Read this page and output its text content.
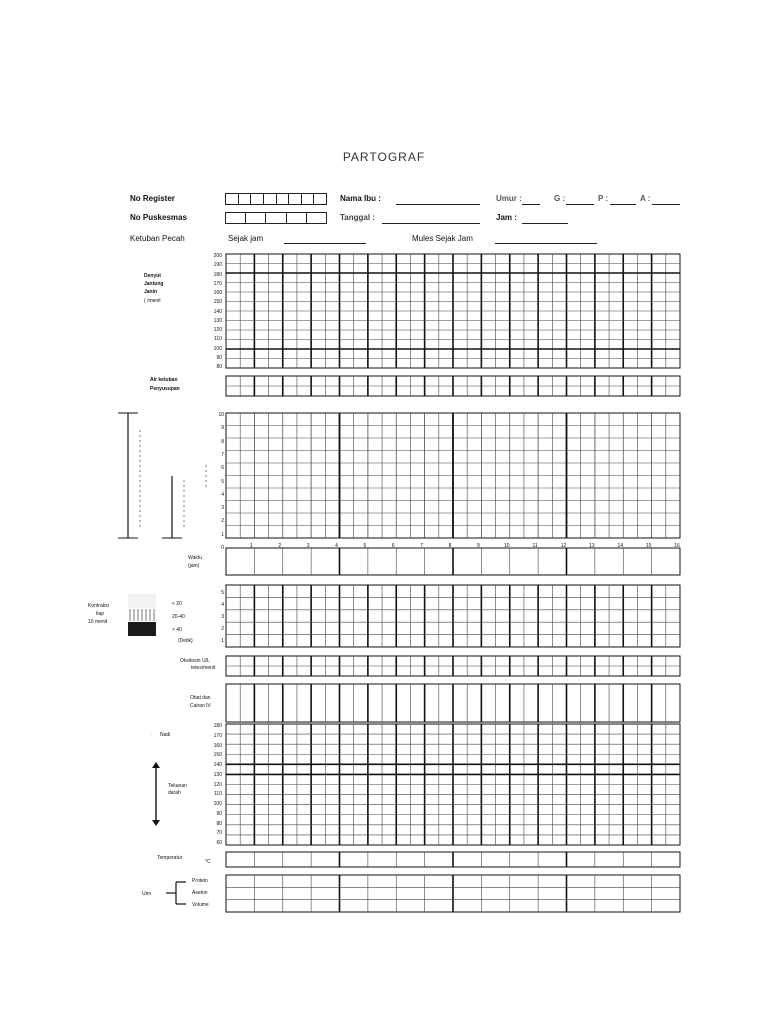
PARTOGRAF
No Register	Nama Ibu :	Umur :	G :	P :	A :
No Puskesmas	Tanggal :	Jam :
Ketuban Pecah	Sejak jam	Mules Sejak Jam
Denyut
Jantung
Janin
( /menit
200
190
180
170
160
150
140
130
120
110
100
90
80
Air ketuban
Penyusupan
10
9
8
7
6
5
4
3
2
1
0	1	2	3	4	5	6	7	8	9	10	11	12	13	14	15	16
Waktu
(jam)
Kontraksi
tiap
10 menit
< 20
20-40
> 40
(Detik)
5
4
3
2
1
Oksitosin U/L
tetes/menit
Obat dan
Cairan IV
· Nadi
Tekanan
darah
180
170
160
150
140
130
120
110
100
90
80
70
60
Temperatur
°C
Urin
Protein
Aseton
Volume
